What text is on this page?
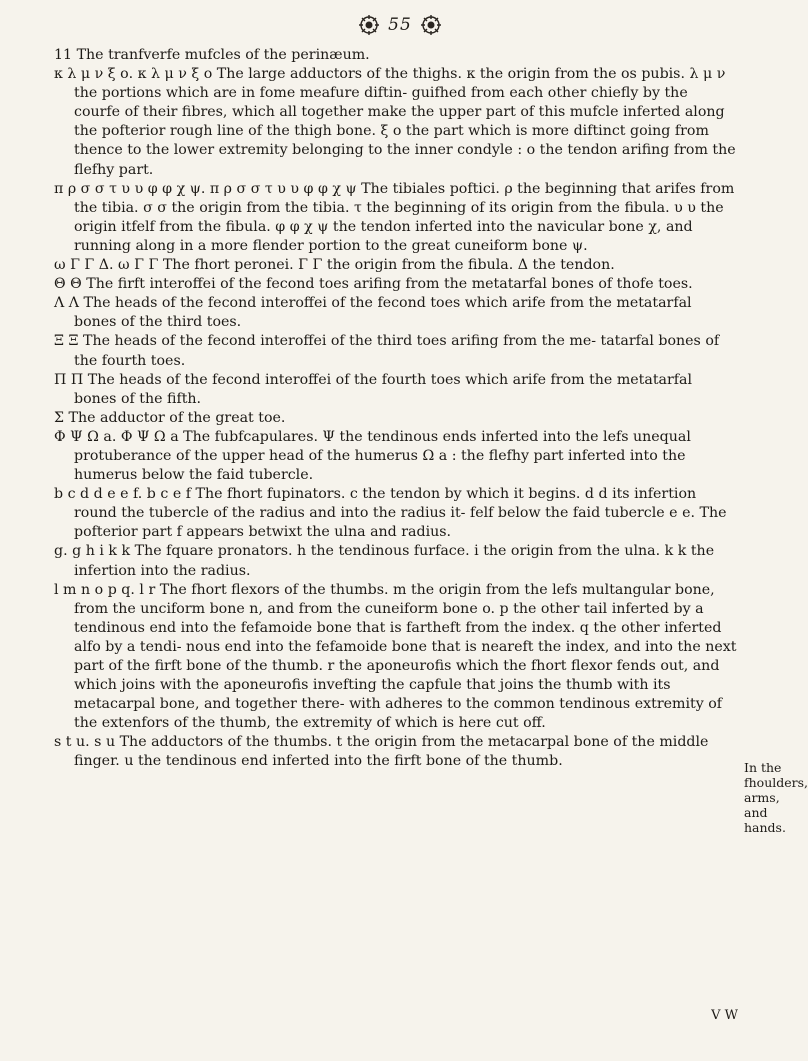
55

11 The tranfverfe mufcles of the perinæum.

κ λ μ ν ξ ο. κ λ μ ν ξ ο The large adductors of the thighs. κ the origin from the os pubis. λ μ ν the portions which are in fome meafure diftin- guifhed from each other chiefly by the courfe of their fibres, which all together make the upper part of this mufcle inferted along the pofterior rough line of the thigh bone. ξ ο the part which is more diftinct going from thence to the lower extremity belonging to the inner condyle : ο the tendon arifing from the flefhy part.

π ρ σ σ τ υ υ φ φ χ ψ. π ρ σ σ τ υ υ φ φ χ ψ The tibiales poftici. ρ the beginning that arifes from the tibia. σ σ the origin from the tibia. τ the beginning of its origin from the fibula. υ υ the origin itfelf from the fibula. φ φ χ ψ the tendon inferted into the navicular bone χ, and running along in a more flender portion to the great cuneiform bone ψ.

ω Γ Γ Δ. ω Γ Γ The fhort peronei. Γ Γ the origin from the fibula. Δ the tendon.

Θ Θ The firft interoffei of the fecond toes arifing from the metatarfal bones of thofe toes.

Λ Λ The heads of the fecond interoffei of the fecond toes which arife from the metatarfal bones of the third toes.

Ξ Ξ The heads of the fecond interoffei of the third toes arifing from the me- tatarfal bones of the fourth toes.

Π Π The heads of the fecond interoffei of the fourth toes which arife from the metatarfal bones of the fifth.

Σ The adductor of the great toe.

Φ Ψ Ω a. Φ Ψ Ω a The fubfcapulares. Ψ the tendinous ends inferted into the lefs unequal protuberance of the upper head of the humerus Ω a : the flefhy part inferted into the humerus below the faid tubercle.

b c d d e e f. b c e f The fhort fupinators. c the tendon by which it begins. d d its infertion round the tubercle of the radius and into the radius it- felf below the faid tubercle e e. The pofterior part f appears betwixt the ulna and radius.

g. g h i k k The fquare pronators. h the tendinous furface. i the origin from the ulna. k k the infertion into the radius.

l m n o p q. l r The fhort flexors of the thumbs. m the origin from the lefs multangular bone, from the unciform bone n, and from the cuneiform bone o. p the other tail inferted by a tendinous end into the fefamoide bone that is fartheft from the index. q the other inferted alfo by a tendi- nous end into the fefamoide bone that is neareft the index, and into the next part of the firft bone of the thumb. r the aponeurofis which the fhort flexor fends out, and which joins with the aponeurofis invefting the capfule that joins the thumb with its metacarpal bone, and together there- with adheres to the common tendinous extremity of the extenfors of the thumb, the extremity of which is here cut off.

s t u. s u The adductors of the thumbs. t the origin from the metacarpal bone of the middle finger. u the tendinous end inferted into the firft bone of the thumb.	In the fhoulders, arms, and hands.
V W
